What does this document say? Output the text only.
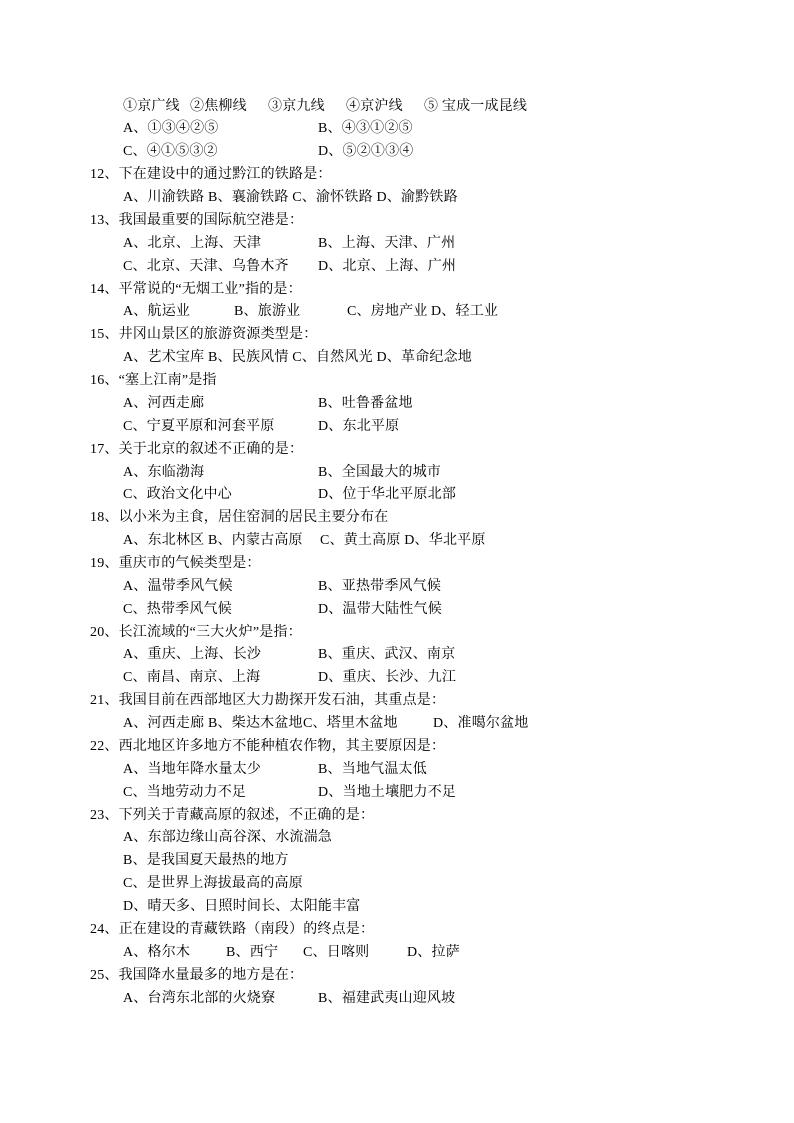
①京广线 ②焦柳线 ③京九线 ④京沪线 ⑤ 宝成一成昆线
A、①③④②⑤	B、④③①②⑤
C、④①⑤③②	D、⑤②①③④
12、下在建设中的通过黔江的铁路是：
A、川渝铁路 B、襄渝铁路 C、渝怀铁路 D、渝黔铁路
13、我国最重要的国际航空港是：
A、北京、上海、天津	B、上海、天津、广州
C、北京、天津、乌鲁木齐 D、北京、上海、广州
14、平常说的“无烟工业”指的是：
A、航运业	B、旅游业	C、房地产业 D、轻工业
15、井冈山景区的旅游资源类型是：
A、艺术宝库 B、民族风情 C、自然风光 D、革命纪念地
16、“塞上江南”是指
A、河西走廊	B、吐鲁番盆地
C、宁夏平原和河套平原	D、东北平原
17、关于北京的叙述不正确的是：
A、东临渤海	B、全国最大的城市
C、政治文化中心	D、位于华北平原北部
18、以小米为主食，居住窑洞的居民主要分布在
A、东北林区 B、内蒙古高原 C、黄土高原 D、华北平原
19、重庆市的气候类型是：
A、温带季风气候	B、亚热带季风气候
C、热带季风气候	D、温带大陆性气候
20、长江流域的“三大火炉”是指：
A、重庆、上海、长沙	B、重庆、武汉、南京
C、南昌、南京、上海	D、重庆、长沙、九江
21、我国目前在西部地区大力勘探开发石油，其重点是：
A、河西走廊 B、柴达木盆地 C、塔里木盆地	D、准噶尔盆地
22、西北地区许多地方不能种植农作物，其主要原因是：
A、当地年降水量太少	B、当地气温太低
C、当地劳动力不足	D、当地土壤肥力不足
23、下列关于青藏高原的叙述，不正确的是：
A、东部边缘山高谷深、水流湍急
B、是我国夏天最热的地方
C、是世界上海拔最高的高原
D、晴天多、日照时间长、太阳能丰富
24、正在建设的青藏铁路（南段）的终点是：
A、格尔木	B、西宁 C、日喀则	D、拉萨
25、我国降水量最多的地方是在：
A、台湾东北部的火烧寮	B、福建武夷山迎风坡
